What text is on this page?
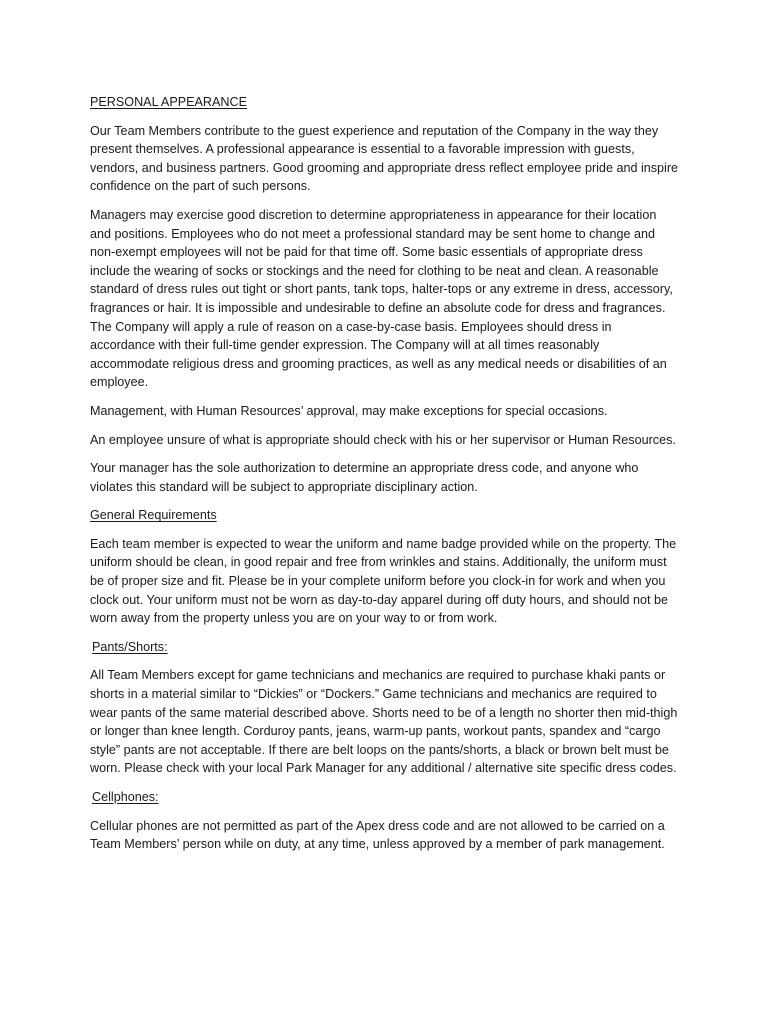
PERSONAL APPEARANCE

Our Team Members contribute to the guest experience and reputation of the Company in the way they present themselves. A professional appearance is essential to a favorable impression with guests, vendors, and business partners. Good grooming and appropriate dress reflect employee pride and inspire confidence on the part of such persons.

Managers may exercise good discretion to determine appropriateness in appearance for their location and positions. Employees who do not meet a professional standard may be sent home to change and non-exempt employees will not be paid for that time off. Some basic essentials of appropriate dress include the wearing of socks or stockings and the need for clothing to be neat and clean. A reasonable standard of dress rules out tight or short pants, tank tops, halter-tops or any extreme in dress, accessory, fragrances or hair. It is impossible and undesirable to define an absolute code for dress and fragrances. The Company will apply a rule of reason on a case-by-case basis. Employees should dress in accordance with their full-time gender expression. The Company will at all times reasonably accommodate religious dress and grooming practices, as well as any medical needs or disabilities of an employee.

Management, with Human Resources’ approval, may make exceptions for special occasions.

An employee unsure of what is appropriate should check with his or her supervisor or Human Resources.

Your manager has the sole authorization to determine an appropriate dress code, and anyone who violates this standard will be subject to appropriate disciplinary action.

General Requirements

Each team member is expected to wear the uniform and name badge provided while on the property. The uniform should be clean, in good repair and free from wrinkles and stains. Additionally, the uniform must be of proper size and fit. Please be in your complete uniform before you clock-in for work and when you clock out. Your uniform must not be worn as day-to-day apparel during off duty hours, and should not be worn away from the property unless you are on your way to or from work.

Pants/Shorts:

All Team Members except for game technicians and mechanics are required to purchase khaki pants or shorts in a material similar to “Dickies” or “Dockers.” Game technicians and mechanics are required to wear pants of the same material described above. Shorts need to be of a length no shorter then mid-thigh or longer than knee length. Corduroy pants, jeans, warm-up pants, workout pants, spandex and “cargo style” pants are not acceptable. If there are belt loops on the pants/shorts, a black or brown belt must be worn. Please check with your local Park Manager for any additional / alternative site specific dress codes.

Cellphones:

Cellular phones are not permitted as part of the Apex dress code and are not allowed to be carried on a Team Members’ person while on duty, at any time, unless approved by a member of park management.
